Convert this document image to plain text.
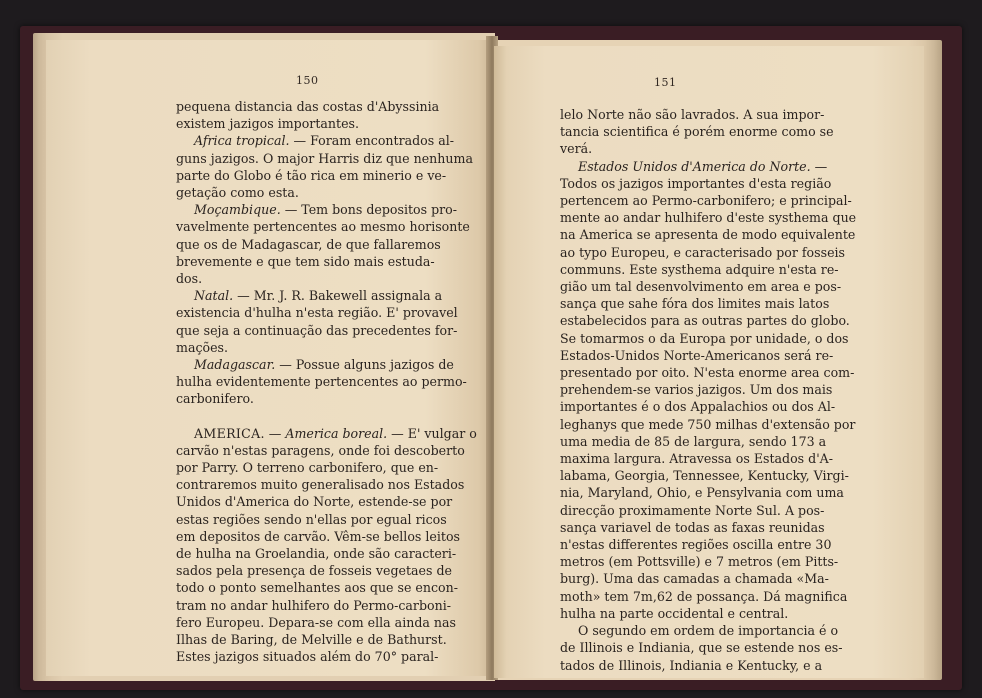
150
pequena distancia das costas d'Abyssinia
existem jazigos importantes.
Africa tropical. — Foram encontrados al-
guns jazigos. O major Harris diz que nenhuma
parte do Globo é tão rica em minerio e ve-
getação como esta.
Moçambique. — Tem bons depositos pro-
vavelmente pertencentes ao mesmo horisonte
que os de Madagascar, de que fallaremos
brevemente e que tem sido mais estuda-
dos.
Natal. — Mr. J. R. Bakewell assignala a
existencia d'hulha n'esta região. E' provavel
que seja a continuação das precedentes for-
mações.
Madagascar. — Possue alguns jazigos de
hulha evidentemente pertencentes ao permo-
carbonifero.
AMERICA. — America boreal. — E' vulgar o
carvão n'estas paragens, onde foi descoberto
por Parry. O terreno carbonifero, que en-
contraremos muito generalisado nos Estados
Unidos d'America do Norte, estende-se por
estas regiões sendo n'ellas por egual ricos
em depositos de carvão. Vêm-se bellos leitos
de hulha na Groelandia, onde são caracteri-
sados pela presença de fosseis vegetaes de
todo o ponto semelhantes aos que se encon-
tram no andar hulhifero do Permo-carboni-
fero Europeu. Depara-se com ella ainda nas
Ilhas de Baring, de Melville e de Bathurst.
Estes jazigos situados além do 70° paral-
151
lelo Norte não são lavrados. A sua impor-
tancia scientifica é porém enorme como se
verá.
Estados Unidos d'America do Norte. —
Todos os jazigos importantes d'esta região
pertencem ao Permo-carbonifero; e principal-
mente ao andar hulhifero d'este systhema que
na America se apresenta de modo equivalente
ao typo Europeu, e caracterisado por fosseis
communs. Este systhema adquire n'esta re-
gião um tal desenvolvimento em area e pos-
sança que sahe fóra dos limites mais latos
estabelecidos para as outras partes do globo.
Se tomarmos o da Europa por unidade, o dos
Estados-Unidos Norte-Americanos será re-
presentado por oito. N'esta enorme area com-
prehendem-se varios jazigos. Um dos mais
importantes é o dos Appalachios ou dos Al-
leghanys que mede 750 milhas d'extensão por
uma media de 85 de largura, sendo 173 a
maxima largura. Atravessa os Estados d'A-
labama, Georgia, Tennessee, Kentucky, Virgi-
nia, Maryland, Ohio, e Pensylvania com uma
direcção proximamente Norte Sul. A pos-
sança variavel de todas as faxas reunidas
n'estas differentes regiões oscilla entre 30
metros (em Pottsville) e 7 metros (em Pitts-
burg). Uma das camadas a chamada «Ma-
moth» tem 7m,62 de possança. Dá magnifica
hulha na parte occidental e central.
O segundo em ordem de importancia é o
de Illinois e Indiania, que se estende nos es-
tados de Illinois, Indiania e Kentucky, e a
